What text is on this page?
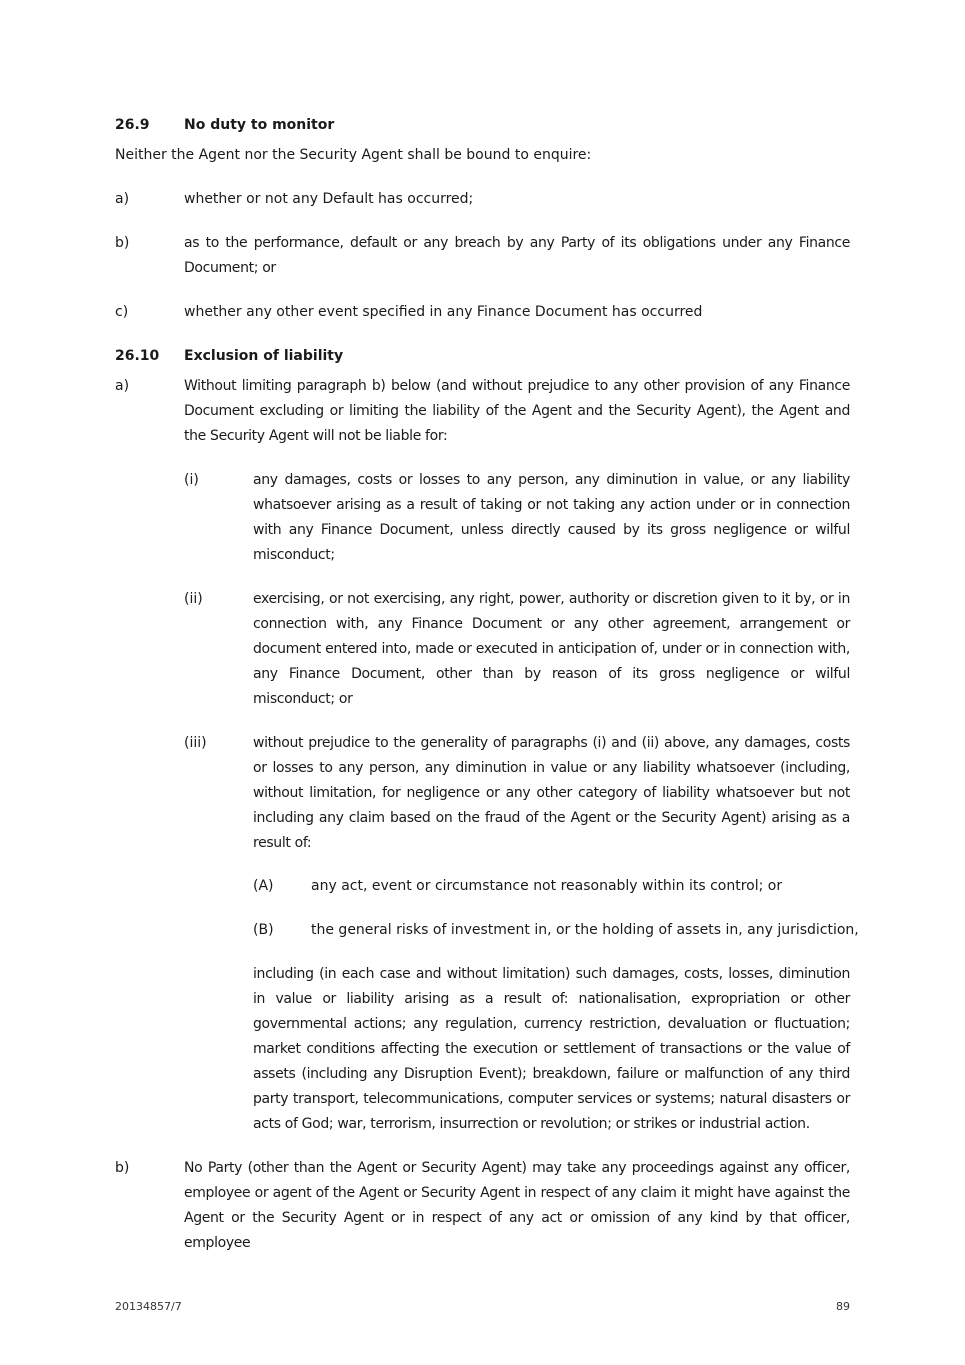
26.9 No duty to monitor
Neither the Agent nor the Security Agent shall be bound to enquire:
a)	whether or not any Default has occurred;
b)	as to the performance, default or any breach by any Party of its obligations under any Finance Document; or
c)	whether any other event specified in any Finance Document has occurred
26.10 Exclusion of liability
a)	Without limiting paragraph b) below (and without prejudice to any other provision of any Finance Document excluding or limiting the liability of the Agent and the Security Agent), the Agent and the Security Agent will not be liable for:
(i)	any damages, costs or losses to any person, any diminution in value, or any liability whatsoever arising as a result of taking or not taking any action under or in connection with any Finance Document, unless directly caused by its gross negligence or wilful misconduct;
(ii)	exercising, or not exercising, any right, power, authority or discretion given to it by, or in connection with, any Finance Document or any other agreement, arrangement or document entered into, made or executed in anticipation of, under or in connection with, any Finance Document, other than by reason of its gross negligence or wilful misconduct; or
(iii)	without prejudice to the generality of paragraphs (i) and (ii) above, any damages, costs or losses to any person, any diminution in value or any liability whatsoever (including, without limitation, for negligence or any other category of liability whatsoever but not including any claim based on the fraud of the Agent or the Security Agent) arising as a result of:
(A)	any act, event or circumstance not reasonably within its control; or
(B)	the general risks of investment in, or the holding of assets in, any jurisdiction,
including (in each case and without limitation) such damages, costs, losses, diminution in value or liability arising as a result of: nationalisation, expropriation or other governmental actions; any regulation, currency restriction, devaluation or fluctuation; market conditions affecting the execution or settlement of transactions or the value of assets (including any Disruption Event); breakdown, failure or malfunction of any third party transport, telecommunications, computer services or systems; natural disasters or acts of God; war, terrorism, insurrection or revolution; or strikes or industrial action.
b)	No Party (other than the Agent or Security Agent) may take any proceedings against any officer, employee or agent of the Agent or Security Agent in respect of any claim it might have against the Agent or the Security Agent or in respect of any act or omission of any kind by that officer, employee
20134857/7	89
